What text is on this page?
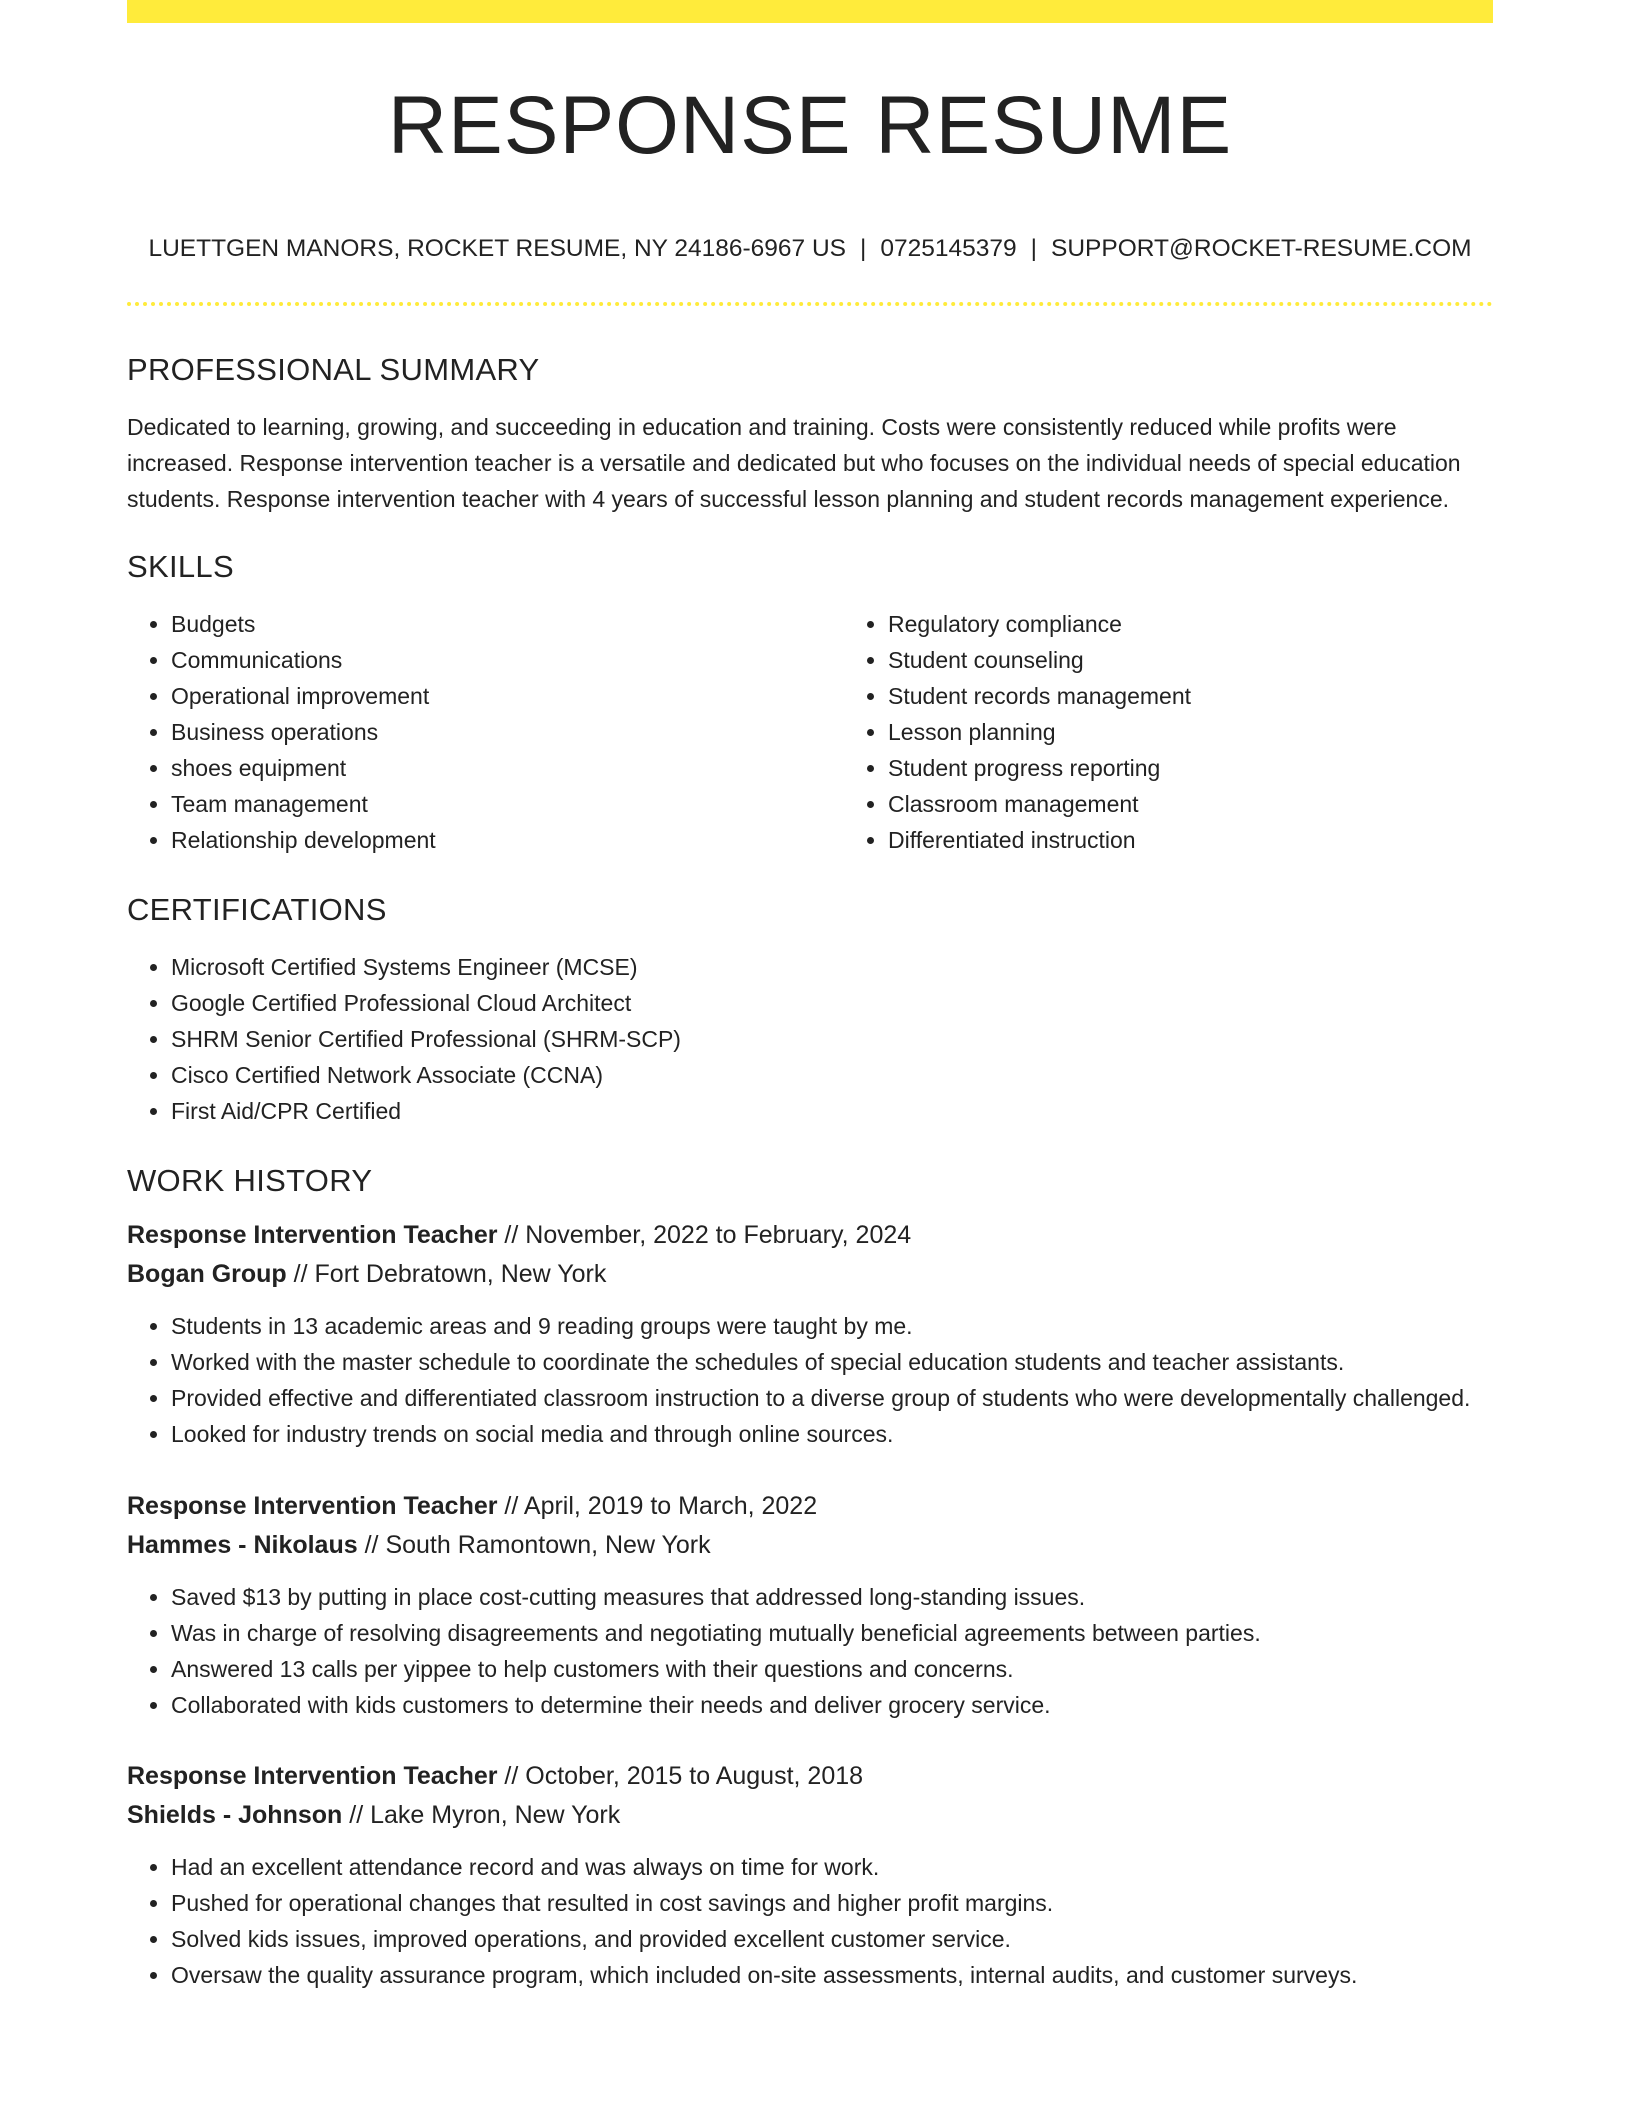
RESPONSE RESUME
LUETTGEN MANORS, ROCKET RESUME, NY 24186-6967 US | 0725145379 | SUPPORT@ROCKET-RESUME.COM
PROFESSIONAL SUMMARY

Dedicated to learning, growing, and succeeding in education and training. Costs were consistently reduced while profits were increased. Response intervention teacher is a versatile and dedicated but who focuses on the individual needs of special education students. Response intervention teacher with 4 years of successful lesson planning and student records management experience.

SKILLS
• Budgets
• Communications
• Operational improvement
• Business operations
• shoes equipment
• Team management
• Relationship development
• Regulatory compliance
• Student counseling
• Student records management
• Lesson planning
• Student progress reporting
• Classroom management
• Differentiated instruction
CERTIFICATIONS
• Microsoft Certified Systems Engineer (MCSE)
• Google Certified Professional Cloud Architect
• SHRM Senior Certified Professional (SHRM-SCP)
• Cisco Certified Network Associate (CCNA)
• First Aid/CPR Certified
WORK HISTORY
Response Intervention Teacher // November, 2022 to February, 2024
Bogan Group // Fort Debratown, New York
• Students in 13 academic areas and 9 reading groups were taught by me.
• Worked with the master schedule to coordinate the schedules of special education students and teacher assistants.
• Provided effective and differentiated classroom instruction to a diverse group of students who were developmentally challenged.
• Looked for industry trends on social media and through online sources.
Response Intervention Teacher // April, 2019 to March, 2022
Hammes - Nikolaus // South Ramontown, New York
• Saved $13 by putting in place cost-cutting measures that addressed long-standing issues.
• Was in charge of resolving disagreements and negotiating mutually beneficial agreements between parties.
• Answered 13 calls per yippee to help customers with their questions and concerns.
• Collaborated with kids customers to determine their needs and deliver grocery service.
Response Intervention Teacher // October, 2015 to August, 2018
Shields - Johnson // Lake Myron, New York
• Had an excellent attendance record and was always on time for work.
• Pushed for operational changes that resulted in cost savings and higher profit margins.
• Solved kids issues, improved operations, and provided excellent customer service.
• Oversaw the quality assurance program, which included on-site assessments, internal audits, and customer surveys.
